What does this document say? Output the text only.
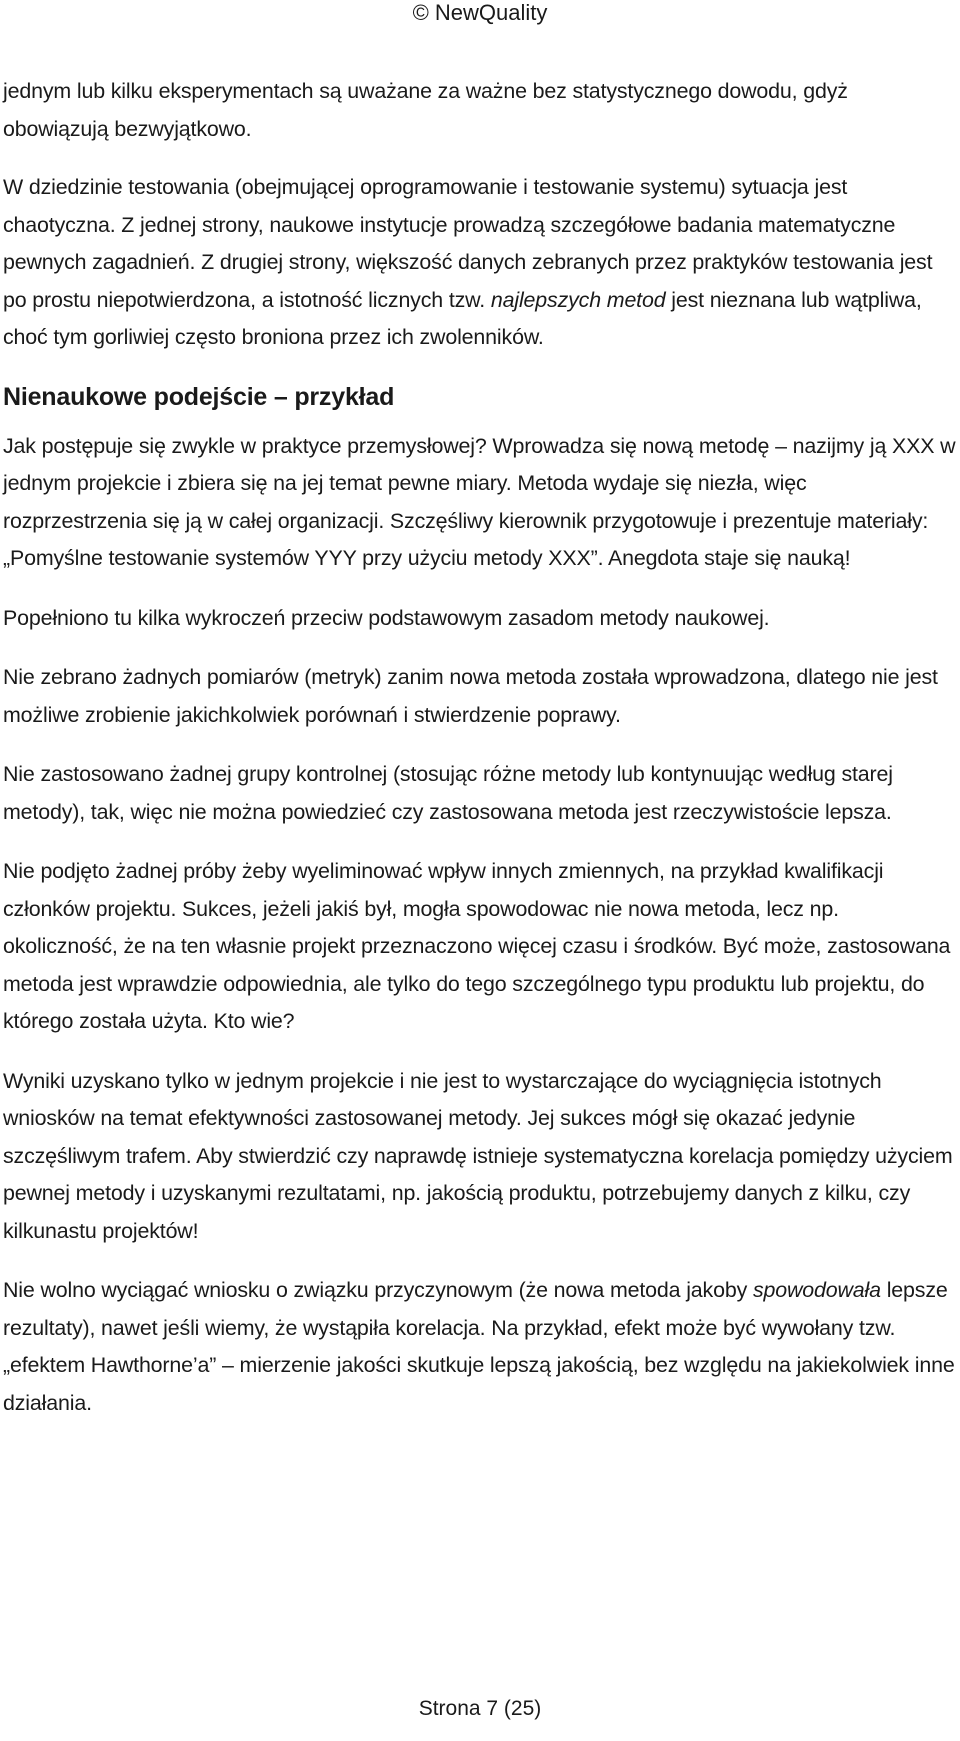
© NewQuality

jednym lub kilku eksperymentach są uważane za ważne bez statystycznego dowodu, gdyż obowiązują bezwyjątkowo.

W dziedzinie testowania (obejmującej oprogramowanie i testowanie systemu) sytuacja jest chaotyczna. Z jednej strony, naukowe instytucje prowadzą szczegółowe badania matematyczne pewnych zagadnień. Z drugiej strony, większość danych zebranych przez praktyków testowania jest po prostu niepotwierdzona, a istotność licznych tzw. najlepszych metod jest nieznana lub wątpliwa, choć tym gorliwiej często broniona przez ich zwolenników.

Nienaukowe podejście – przykład

Jak postępuje się zwykle w praktyce przemysłowej? Wprowadza się nową metodę – nazijmy ją XXX w jednym projekcie i zbiera się na jej temat pewne miary. Metoda wydaje się niezła, więc rozprzestrzenia się ją w całej organizacji. Szczęśliwy kierownik przygotowuje i prezentuje materiały: „Pomyślne testowanie systemów YYY przy użyciu metody XXX”. Anegdota staje się nauką!

Popełniono tu kilka wykroczeń przeciw podstawowym zasadom metody naukowej.

Nie zebrano żadnych pomiarów (metryk) zanim nowa metoda została wprowadzona, dlatego nie jest możliwe zrobienie jakichkolwiek porównań i stwierdzenie poprawy.

Nie zastosowano żadnej grupy kontrolnej (stosując różne metody lub kontynuując według starej metody), tak, więc nie można powiedzieć czy zastosowana metoda jest rzeczywistoście lepsza.

Nie podjęto żadnej próby żeby wyeliminować wpływ innych zmiennych, na przykład kwalifikacji członków projektu. Sukces, jeżeli jakiś był, mogła spowodowac nie nowa metoda, lecz np. okoliczność, że na ten własnie projekt przeznaczono więcej czasu i środków. Być może, zastosowana metoda jest wprawdzie odpowiednia, ale tylko do tego szczególnego typu produktu lub projektu, do którego została użyta. Kto wie?

Wyniki uzyskano tylko w jednym projekcie i nie jest to wystarczające do wyciągnięcia istotnych wniosków na temat efektywności zastosowanej metody. Jej sukces mógł się okazać jedynie szczęśliwym trafem. Aby stwierdzić czy naprawdę istnieje systematyczna korelacja pomiędzy użyciem pewnej metody i uzyskanymi rezultatami, np. jakością produktu, potrzebujemy danych z kilku, czy kilkunastu projektów!

Nie wolno wyciągać wniosku o związku przyczynowym (że nowa metoda jakoby spowodowała lepsze rezultaty), nawet jeśli wiemy, że wystąpiła korelacja. Na przykład, efekt może być wywołany tzw. „efektem Hawthorne’a” – mierzenie jakości skutkuje lepszą jakością, bez względu na jakiekolwiek inne działania.

Strona 7 (25)
